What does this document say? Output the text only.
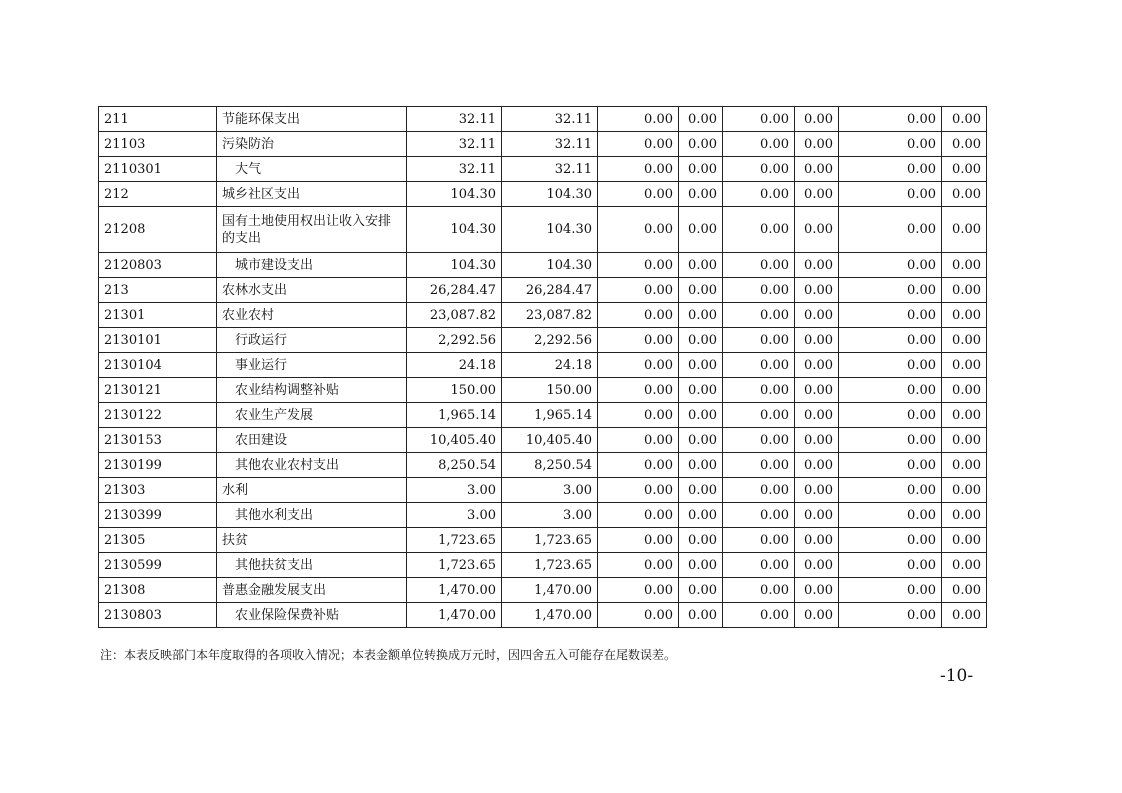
211	节能环保支出	32.11	32.11	0.00	0.00	0.00	0.00	0.00	0.00
21103	污染防治	32.11	32.11	0.00	0.00	0.00	0.00	0.00	0.00
2110301	大气	32.11	32.11	0.00	0.00	0.00	0.00	0.00	0.00
212	城乡社区支出	104.30	104.30	0.00	0.00	0.00	0.00	0.00	0.00
21208	国有土地使用权出让收入安排的支出	104.30	104.30	0.00	0.00	0.00	0.00	0.00	0.00
2120803	城市建设支出	104.30	104.30	0.00	0.00	0.00	0.00	0.00	0.00
213	农林水支出	26,284.47	26,284.47	0.00	0.00	0.00	0.00	0.00	0.00
21301	农业农村	23,087.82	23,087.82	0.00	0.00	0.00	0.00	0.00	0.00
2130101	行政运行	2,292.56	2,292.56	0.00	0.00	0.00	0.00	0.00	0.00
2130104	事业运行	24.18	24.18	0.00	0.00	0.00	0.00	0.00	0.00
2130121	农业结构调整补贴	150.00	150.00	0.00	0.00	0.00	0.00	0.00	0.00
2130122	农业生产发展	1,965.14	1,965.14	0.00	0.00	0.00	0.00	0.00	0.00
2130153	农田建设	10,405.40	10,405.40	0.00	0.00	0.00	0.00	0.00	0.00
2130199	其他农业农村支出	8,250.54	8,250.54	0.00	0.00	0.00	0.00	0.00	0.00
21303	水利	3.00	3.00	0.00	0.00	0.00	0.00	0.00	0.00
2130399	其他水利支出	3.00	3.00	0.00	0.00	0.00	0.00	0.00	0.00
21305	扶贫	1,723.65	1,723.65	0.00	0.00	0.00	0.00	0.00	0.00
2130599	其他扶贫支出	1,723.65	1,723.65	0.00	0.00	0.00	0.00	0.00	0.00
21308	普惠金融发展支出	1,470.00	1,470.00	0.00	0.00	0.00	0.00	0.00	0.00
2130803	农业保险保费补贴	1,470.00	1,470.00	0.00	0.00	0.00	0.00	0.00	0.00
注：本表反映部门本年度取得的各项收入情况；本表金额单位转换成万元时，因四舍五入可能存在尾数误差。
-10-
